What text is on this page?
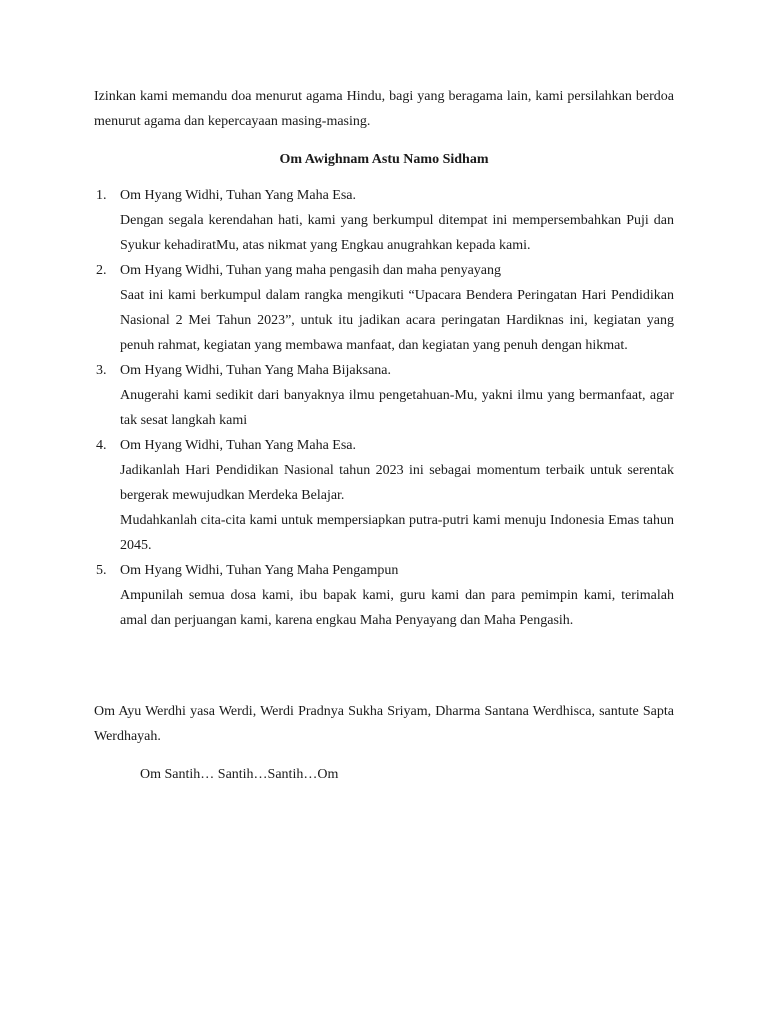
Izinkan kami memandu doa menurut agama Hindu, bagi yang beragama lain, kami persilahkan berdoa menurut agama dan kepercayaan masing-masing.

Om Awighnam Astu Namo Sidham

1. Om Hyang Widhi, Tuhan Yang Maha Esa.

Dengan segala kerendahan hati, kami yang berkumpul ditempat ini mempersembahkan Puji dan Syukur kehadiratMu, atas nikmat yang Engkau anugrahkan kepada kami.

2. Om Hyang Widhi, Tuhan yang maha pengasih dan maha penyayang

Saat ini kami berkumpul dalam rangka mengikuti “Upacara Bendera Peringatan Hari Pendidikan Nasional 2 Mei Tahun 2023”, untuk itu jadikan acara peringatan Hardiknas ini, kegiatan yang penuh rahmat, kegiatan yang membawa manfaat, dan kegiatan yang penuh dengan hikmat.

3. Om Hyang Widhi, Tuhan Yang Maha Bijaksana.

Anugerahi kami sedikit dari banyaknya ilmu pengetahuan-Mu, yakni ilmu yang bermanfaat, agar tak sesat langkah kami

4. Om Hyang Widhi, Tuhan Yang Maha Esa.

Jadikanlah Hari Pendidikan Nasional tahun 2023 ini sebagai momentum terbaik untuk serentak bergerak mewujudkan Merdeka Belajar.

Mudahkanlah cita-cita kami untuk mempersiapkan putra-putri kami menuju Indonesia Emas tahun 2045.

5. Om Hyang Widhi, Tuhan Yang Maha Pengampun

Ampunilah semua dosa kami, ibu bapak kami, guru kami dan para pemimpin kami, terimalah amal dan perjuangan kami, karena engkau Maha Penyayang dan Maha Pengasih.

Om Ayu Werdhi yasa Werdi, Werdi Pradnya Sukha Sriyam, Dharma Santana Werdhisca, santute Sapta Werdhayah.

Om Santih… Santih…Santih…Om
